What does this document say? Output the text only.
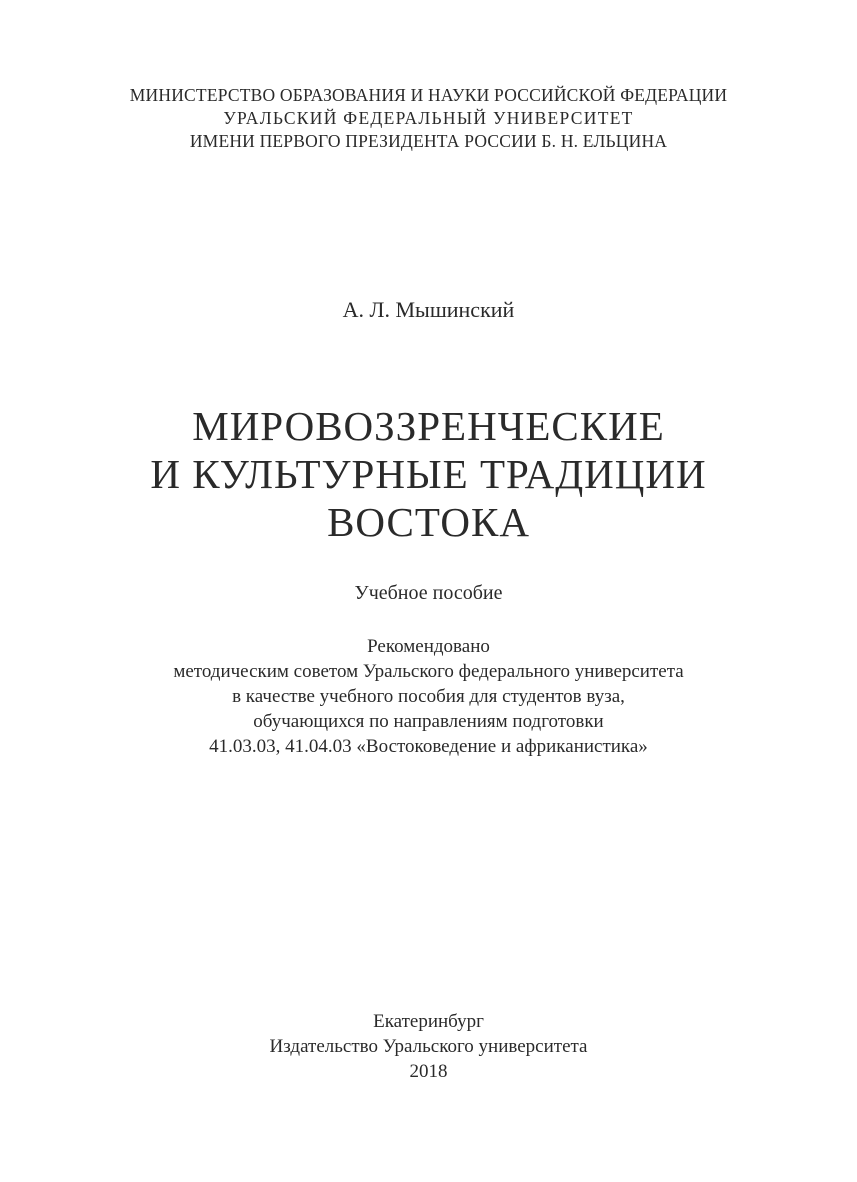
МИНИСТЕРСТВО ОБРАЗОВАНИЯ И НАУКИ РОССИЙСКОЙ ФЕДЕРАЦИИ
УРАЛЬСКИЙ ФЕДЕРАЛЬНЫЙ УНИВЕРСИТЕТ
ИМЕНИ ПЕРВОГО ПРЕЗИДЕНТА РОССИИ Б. Н. ЕЛЬЦИНА
А. Л. Мышинский
МИРОВОЗЗРЕНЧЕСКИЕ
И КУЛЬТУРНЫЕ ТРАДИЦИИ
ВОСТОКА
Учебное пособие
Рекомендовано
методическим советом Уральского федерального университета
в качестве учебного пособия для студентов вуза,
обучающихся по направлениям подготовки
41.03.03, 41.04.03 «Востоковедение и африканистика»
Екатеринбург
Издательство Уральского университета
2018
